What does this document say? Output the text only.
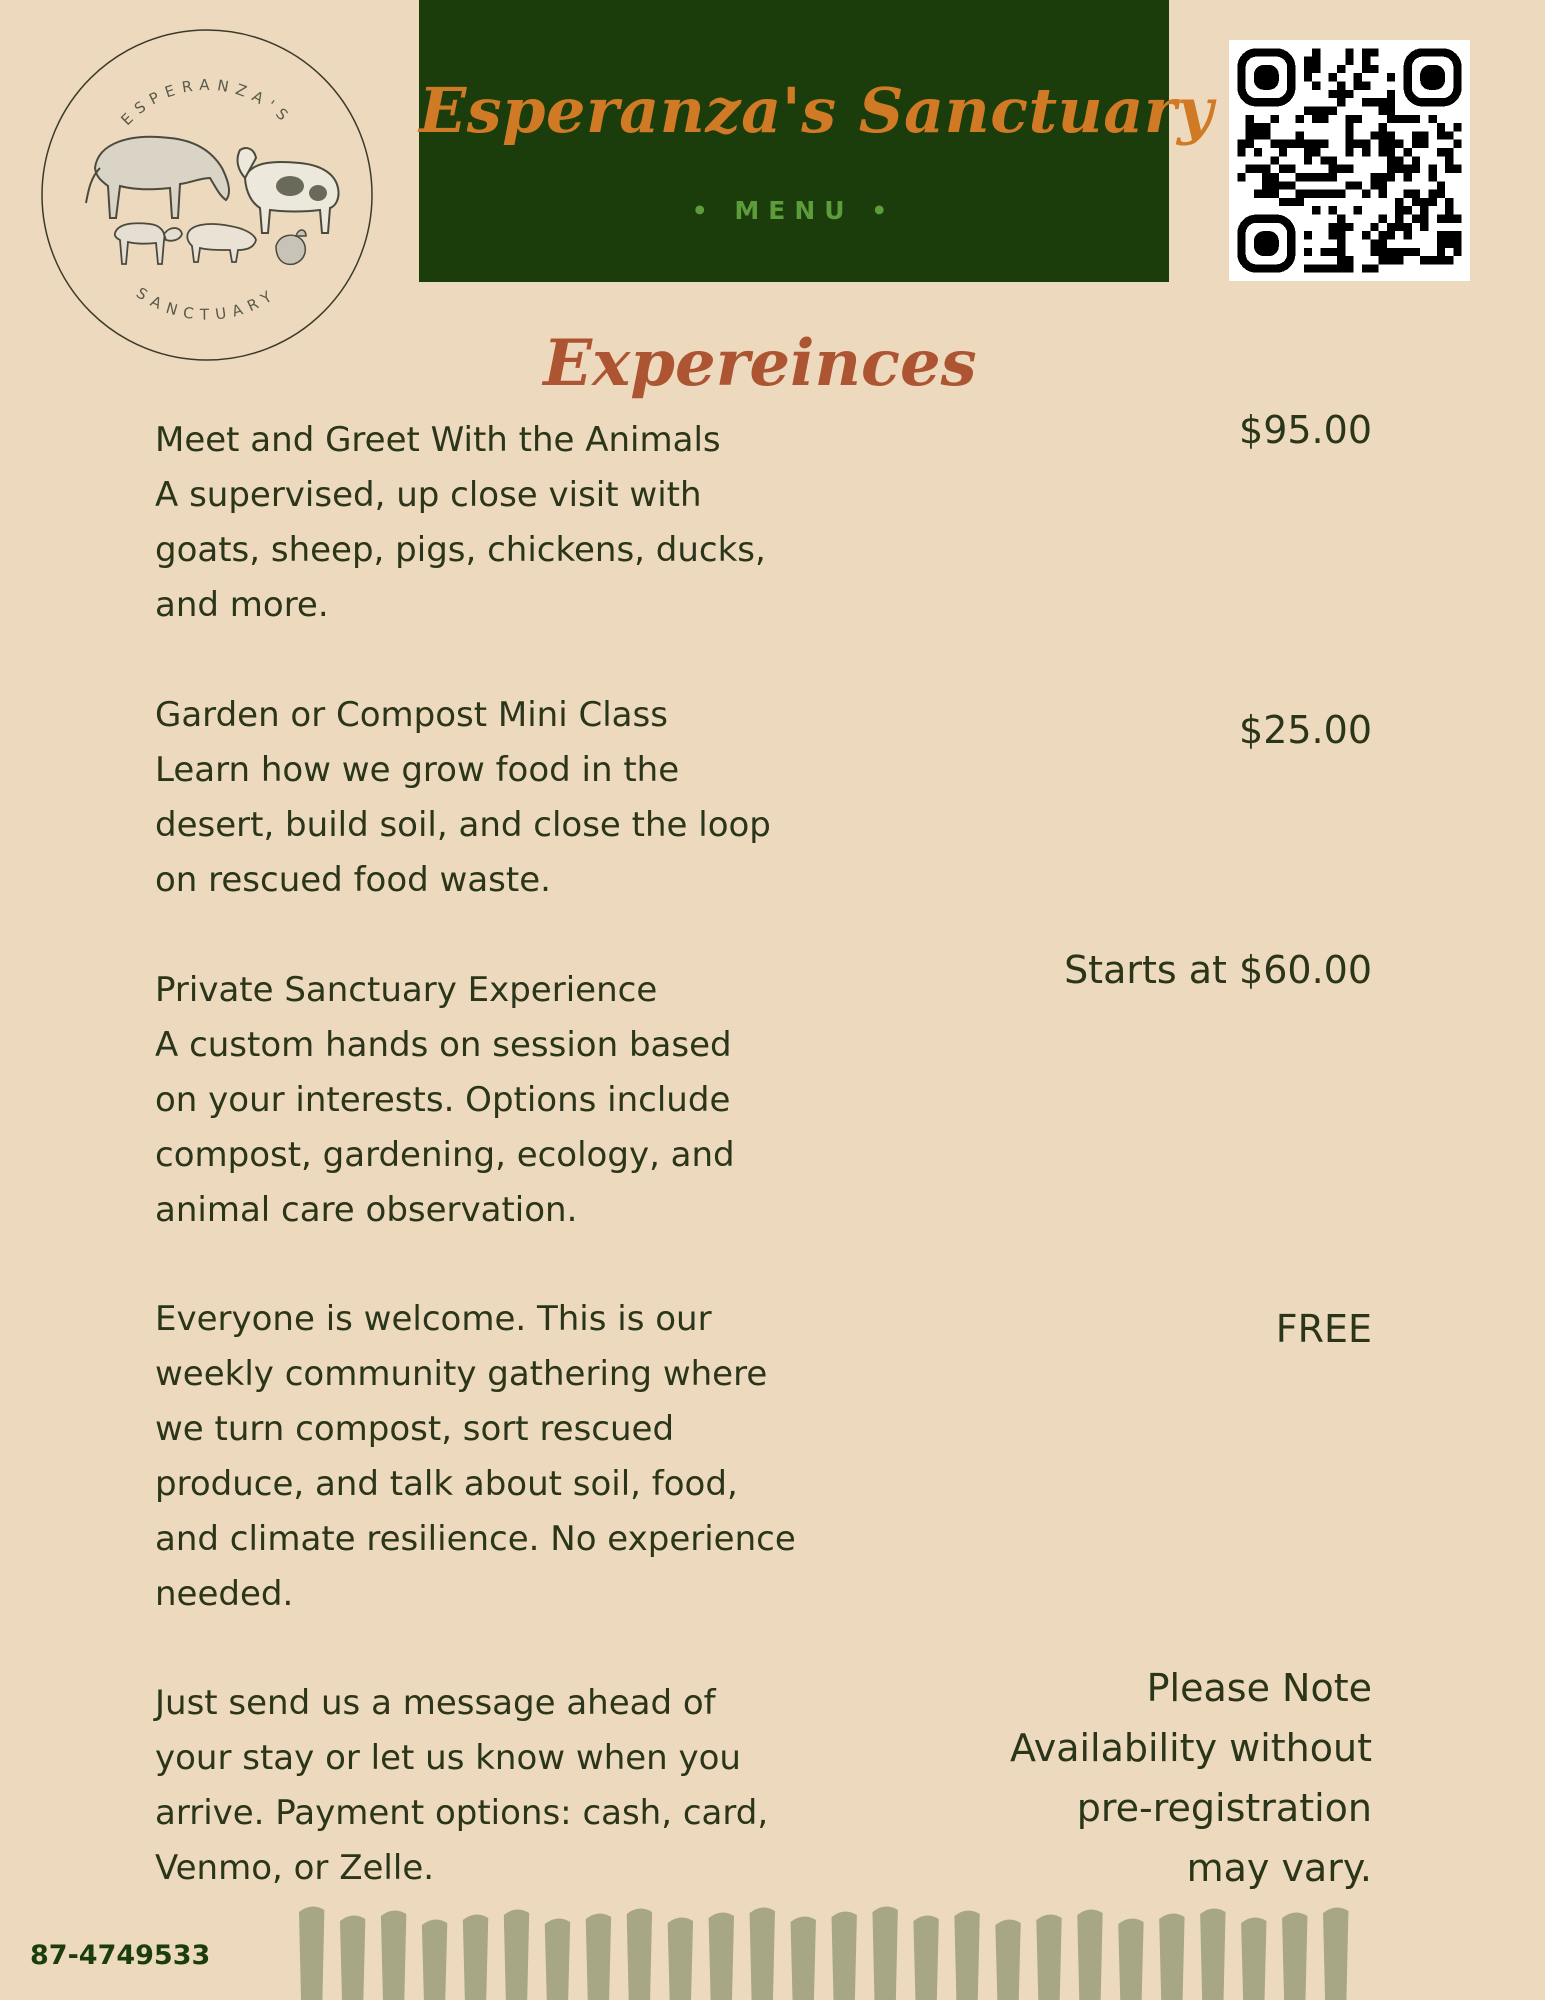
ESPERANZA'S
SANCTUARY
Esperanza's Sanctuary
• MENU •
Expereinces
Meet and Greet With the Animals
A supervised, up close visit with
goats, sheep, pigs, chickens, ducks,
and more.
$95.00
Garden or Compost Mini Class
Learn how we grow food in the
desert, build soil, and close the loop
on rescued food waste.
$25.00
Private Sanctuary Experience
A custom hands on session based
on your interests. Options include
compost, gardening, ecology, and
animal care observation.
Starts at $60.00
Everyone is welcome. This is our
weekly community gathering where
we turn compost, sort rescued
produce, and talk about soil, food,
and climate resilience. No experience
needed.
FREE
Just send us a message ahead of
your stay or let us know when you
arrive. Payment options: cash, card,
Venmo, or Zelle.
Please Note
Availability without
pre-registration
may vary.
87-4749533
